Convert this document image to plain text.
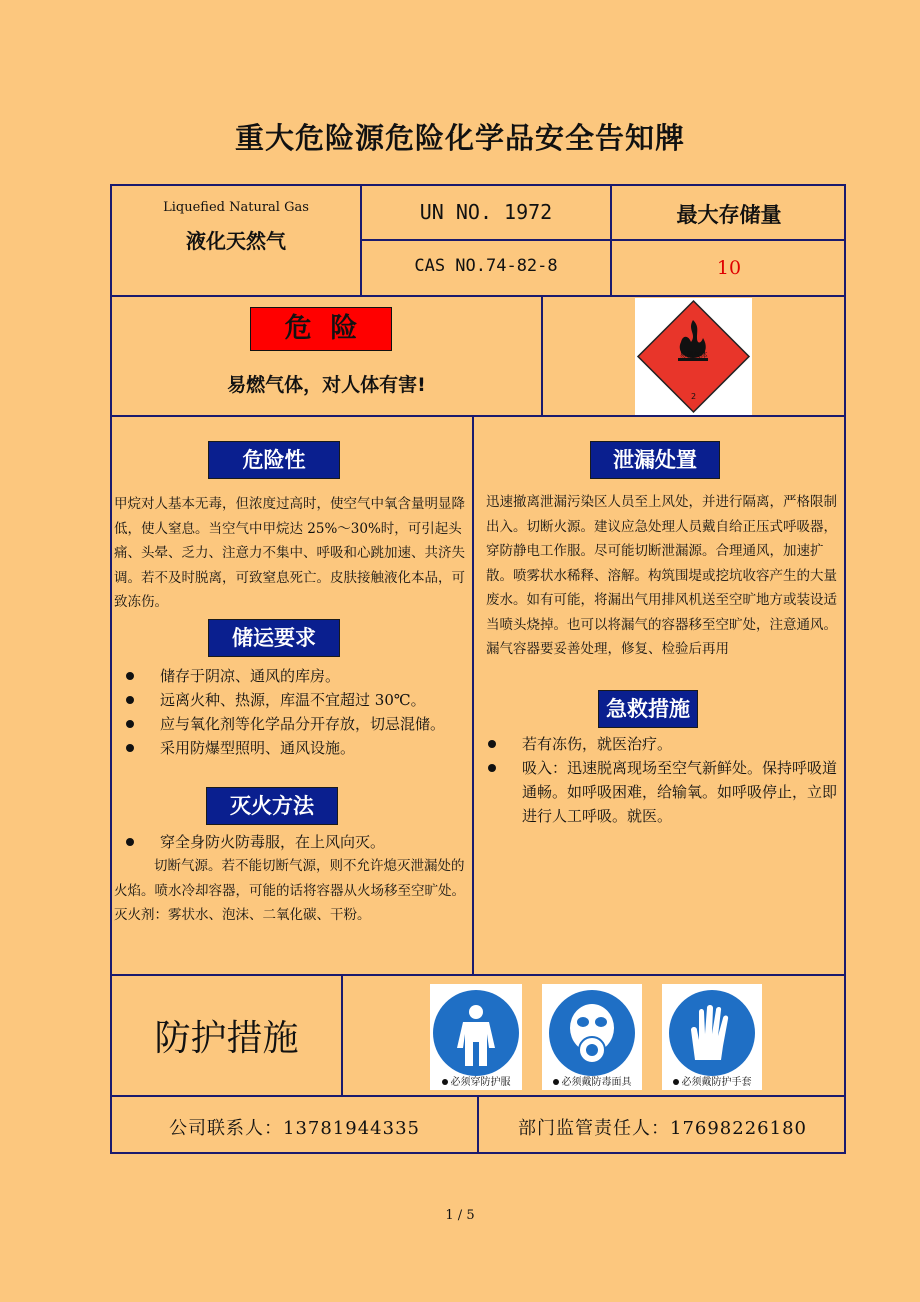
重大危险源危险化学品安全告知牌
Liquefied Natural Gas
液化天然气
UN NO. 1972
CAS NO.74-82-8
最大存储量
10
危  险
易燃气体，对人体有害!
2
易燃气体
危险性
甲烷对人基本无毒，但浓度过高时，使空气中氧含量明显降低，使人窒息。当空气中甲烷达 25%～30%时，可引起头痛、头晕、乏力、注意力不集中、呼吸和心跳加速、共济失调。若不及时脱离，可致窒息死亡。皮肤接触液化本品，可致冻伤。
储运要求
储存于阴凉、通风的库房。
远离火种、热源，库温不宜超过 30℃。
应与氧化剂等化学品分开存放，切忌混储。
采用防爆型照明、通风设施。
灭火方法
穿全身防火防毒服，在上风向灭。
切断气源。若不能切断气源，则不允许熄灭泄漏处的火焰。喷水冷却容器，可能的话将容器从火场移至空旷处。灭火剂：雾状水、泡沫、二氧化碳、干粉。
泄漏处置
迅速撤离泄漏污染区人员至上风处，并进行隔离，严格限制出入。切断火源。建议应急处理人员戴自给正压式呼吸器，穿防静电工作服。尽可能切断泄漏源。合理通风，加速扩散。喷雾状水稀释、溶解。构筑围堤或挖坑收容产生的大量废水。如有可能，将漏出气用排风机送至空旷地方或装设适当喷头烧掉。也可以将漏气的容器移至空旷处，注意通风。漏气容器要妥善处理，修复、检验后再用
急救措施
若有冻伤，就医治疗。
吸入：迅速脱离现场至空气新鲜处。保持呼吸道通畅。如呼吸困难，给输氧。如呼吸停止，立即进行人工呼吸。就医。
防护措施
必须穿防护服	必须戴防毒面具	必须戴防护手套
公司联系人：13781944335	部门监管责任人：17698226180
1 / 5
